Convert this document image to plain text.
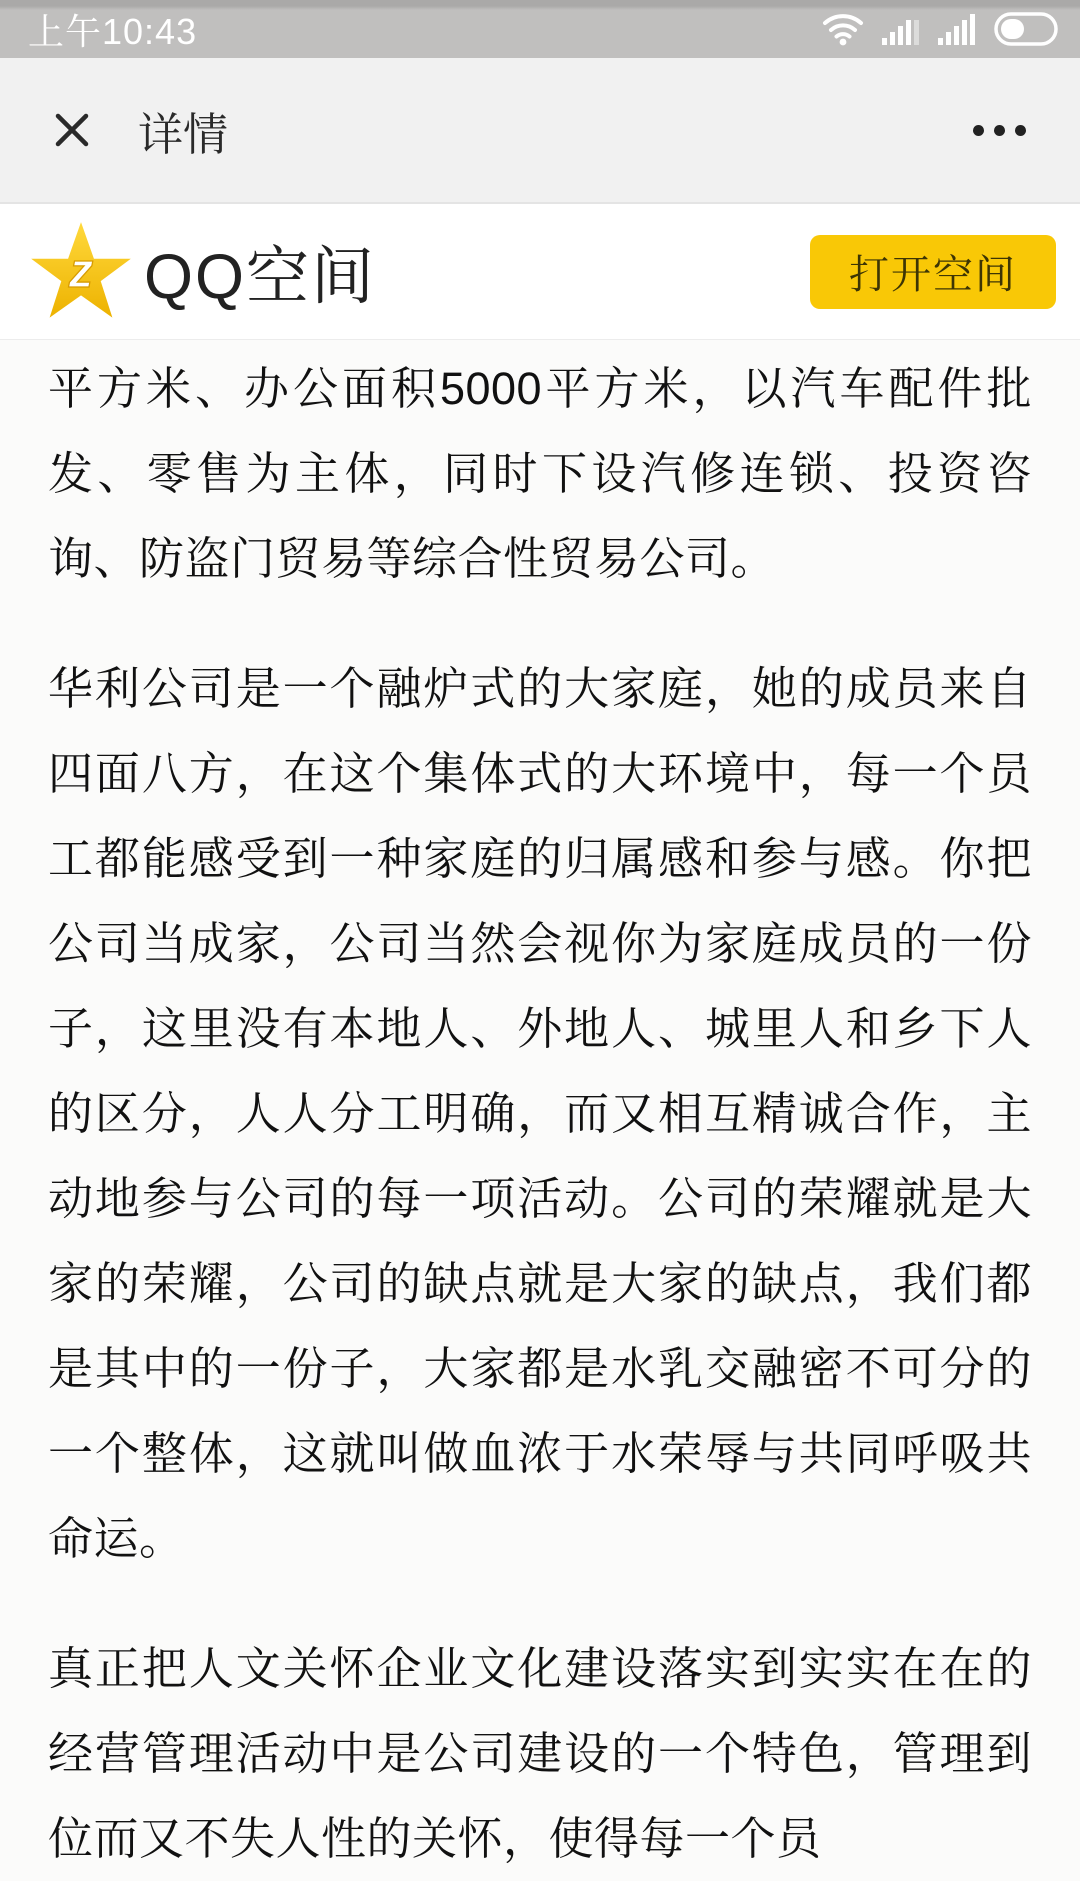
上午10:43
详情
z QQ空间	打开空间

平方米、办公面积5000平方米，以汽车配件批发、零售为主体，同时下设汽修连锁、投资咨询、防盗门贸易等综合性贸易公司。

华利公司是一个融炉式的大家庭，她的成员来自四面八方，在这个集体式的大环境中，每一个员工都能感受到一种家庭的归属感和参与感。你把公司当成家，公司当然会视你为家庭成员的一份子，这里没有本地人、外地人、城里人和乡下人的区分，人人分工明确，而又相互精诚合作，主动地参与公司的每一项活动。公司的荣耀就是大家的荣耀，公司的缺点就是大家的缺点，我们都是其中的一份子，大家都是水乳交融密不可分的一个整体，这就叫做血浓于水荣辱与共同呼吸共命运。

真正把人文关怀企业文化建设落实到实实在在的经营管理活动中是公司建设的一个特色，管理到位而又不失人性的关怀，使得每一个员
